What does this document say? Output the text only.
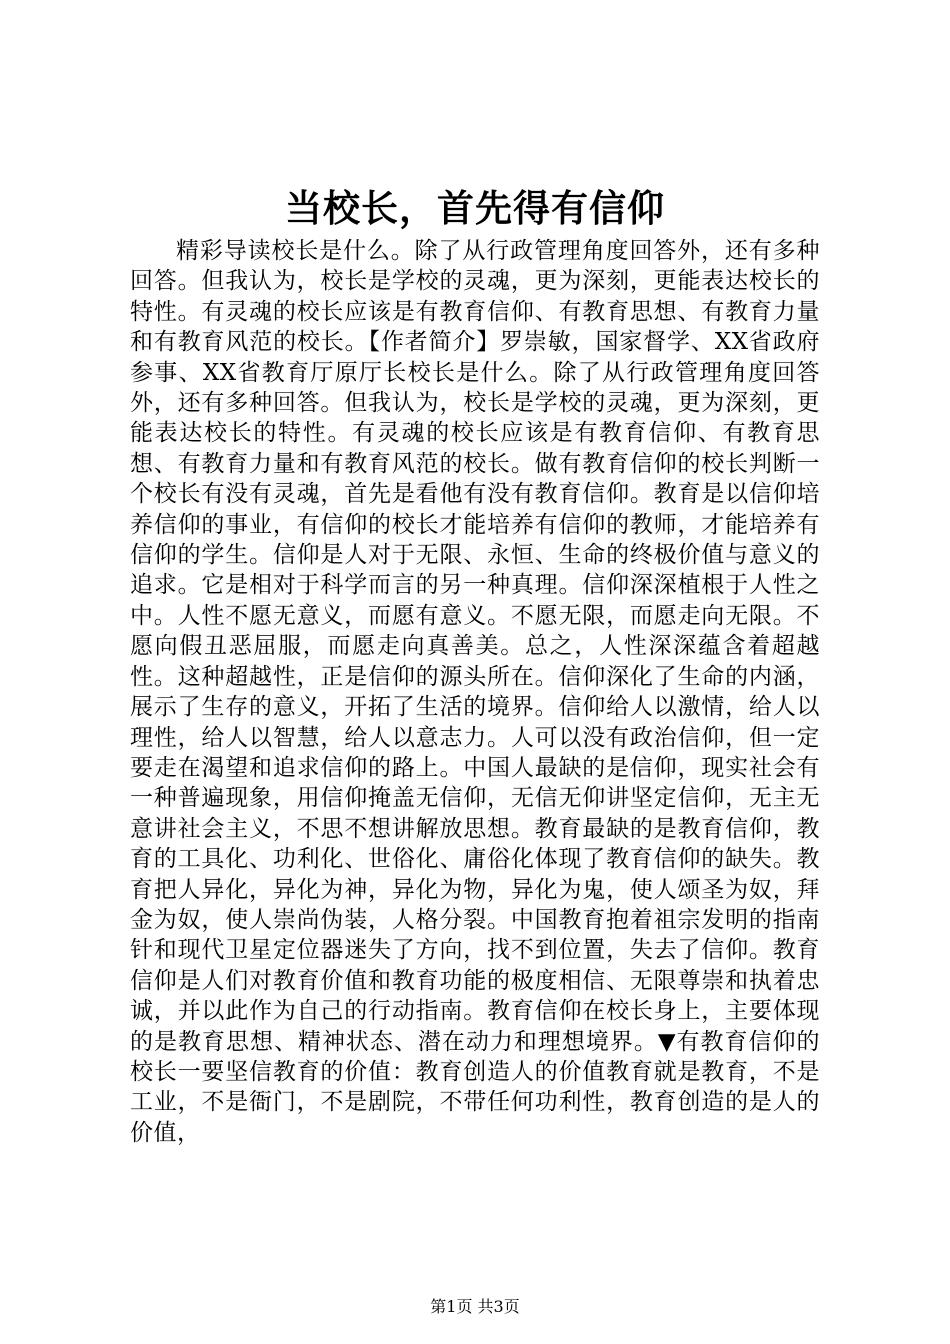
当校长，首先得有信仰

精彩导读校长是什么。除了从行政管理角度回答外，还有多种回答。但我认为，校长是学校的灵魂，更为深刻，更能表达校长的特性。有灵魂的校长应该是有教育信仰、有教育思想、有教育力量和有教育风范的校长。【作者简介】罗崇敏，国家督学、XX省政府参事、XX省教育厅原厅长校长是什么。除了从行政管理角度回答外，还有多种回答。但我认为，校长是学校的灵魂，更为深刻，更能表达校长的特性。有灵魂的校长应该是有教育信仰、有教育思想、有教育力量和有教育风范的校长。做有教育信仰的校长判断一个校长有没有灵魂，首先是看他有没有教育信仰。教育是以信仰培养信仰的事业，有信仰的校长才能培养有信仰的教师，才能培养有信仰的学生。信仰是人对于无限、永恒、生命的终极价值与意义的追求。它是相对于科学而言的另一种真理。信仰深深植根于人性之中。人性不愿无意义，而愿有意义。不愿无限，而愿走向无限。不愿向假丑恶屈服，而愿走向真善美。总之，人性深深蕴含着超越性。这种超越性，正是信仰的源头所在。信仰深化了生命的内涵，展示了生存的意义，开拓了生活的境界。信仰给人以激情，给人以理性，给人以智慧，给人以意志力。人可以没有政治信仰，但一定要走在渴望和追求信仰的路上。中国人最缺的是信仰，现实社会有一种普遍现象，用信仰掩盖无信仰，无信无仰讲坚定信仰，无主无意讲社会主义，不思不想讲解放思想。教育最缺的是教育信仰，教育的工具化、功利化、世俗化、庸俗化体现了教育信仰的缺失。教育把人异化，异化为神，异化为物，异化为鬼，使人颂圣为奴，拜金为奴，使人崇尚伪装，人格分裂。中国教育抱着祖宗发明的指南针和现代卫星定位器迷失了方向，找不到位置，失去了信仰。教育信仰是人们对教育价值和教育功能的极度相信、无限尊崇和执着忠诚，并以此作为自己的行动指南。教育信仰在校长身上，主要体现的是教育思想、精神状态、潜在动力和理想境界。▼有教育信仰的校长一要坚信教育的价值：教育创造人的价值教育就是教育，不是工业，不是衙门，不是剧院，不带任何功利性，教育创造的是人的价值，

第1页 共3页
